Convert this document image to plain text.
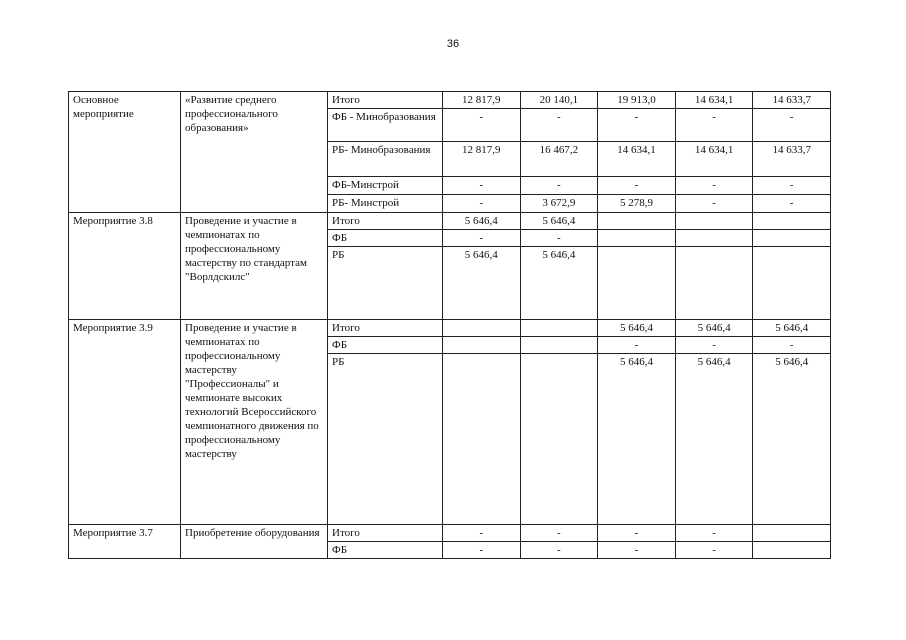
36
Основное мероприятие	«Развитие среднего профессионального образования»	Итого	12 817,9	20 140,1	19 913,0	14 634,1	14 633,7
		ФБ - Минобразования	-	-	-	-	-
		РБ- Минобразования	12 817,9	16 467,2	14 634,1	14 634,1	14 633,7
		ФБ-Минстрой	-	-	-	-	-
		РБ- Минстрой	-	3 672,9	5 278,9	-	-
Мероприятие 3.8	Проведение и участие в чемпионатах по профессиональному мастерству по стандартам "Ворлдскилс"	Итого	5 646,4	5 646,4			
		ФБ	-	-			
		РБ	5 646,4	5 646,4			
Мероприятие 3.9	Проведение и участие в чемпионатах по профессиональному мастерству "Профессионалы" и чемпионате высоких технологий Всероссийского чемпионатного движения по профессиональному мастерству	Итого			5 646,4	5 646,4	5 646,4
		ФБ			-	-	-
		РБ			5 646,4	5 646,4	5 646,4
Мероприятие 3.7	Приобретение оборудования	Итого	-	-	-	-	
		ФБ	-	-	-	-	
